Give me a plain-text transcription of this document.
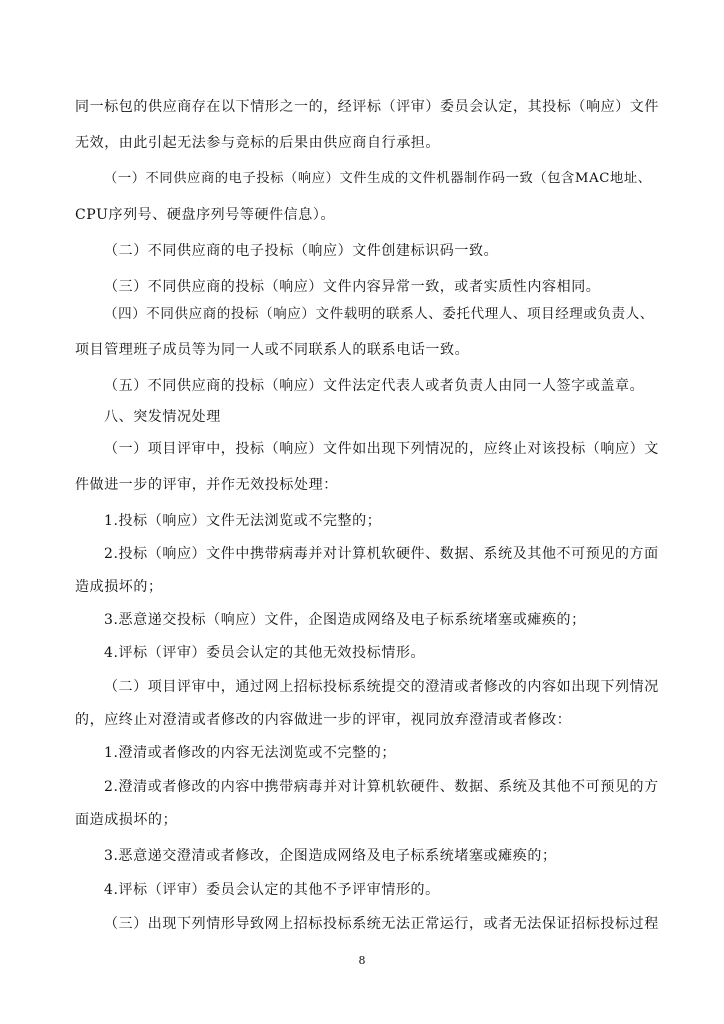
同一标包的供应商存在以下情形之一的，经评标（评审）委员会认定，其投标（响应）文件
无效，由此引起无法参与竞标的后果由供应商自行承担。
（一）不同供应商的电子投标（响应）文件生成的文件机器制作码一致（包含MAC地址、
CPU序列号、硬盘序列号等硬件信息）。
（二）不同供应商的电子投标（响应）文件创建标识码一致。
（三）不同供应商的投标（响应）文件内容异常一致，或者实质性内容相同。
（四）不同供应商的投标（响应）文件载明的联系人、委托代理人、项目经理或负责人、
项目管理班子成员等为同一人或不同联系人的联系电话一致。
（五）不同供应商的投标（响应）文件法定代表人或者负责人由同一人签字或盖章。
八、突发情况处理
（一）项目评审中，投标（响应）文件如出现下列情况的，应终止对该投标（响应）文
件做进一步的评审，并作无效投标处理：
1.投标（响应）文件无法浏览或不完整的；
2.投标（响应）文件中携带病毒并对计算机软硬件、数据、系统及其他不可预见的方面
造成损坏的；
3.恶意递交投标（响应）文件，企图造成网络及电子标系统堵塞或瘫痪的；
4.评标（评审）委员会认定的其他无效投标情形。
（二）项目评审中，通过网上招标投标系统提交的澄清或者修改的内容如出现下列情况
的，应终止对澄清或者修改的内容做进一步的评审，视同放弃澄清或者修改：
1.澄清或者修改的内容无法浏览或不完整的；
2.澄清或者修改的内容中携带病毒并对计算机软硬件、数据、系统及其他不可预见的方
面造成损坏的；
3.恶意递交澄清或者修改，企图造成网络及电子标系统堵塞或瘫痪的；
4.评标（评审）委员会认定的其他不予评审情形的。
（三）出现下列情形导致网上招标投标系统无法正常运行，或者无法保证招标投标过程
8
